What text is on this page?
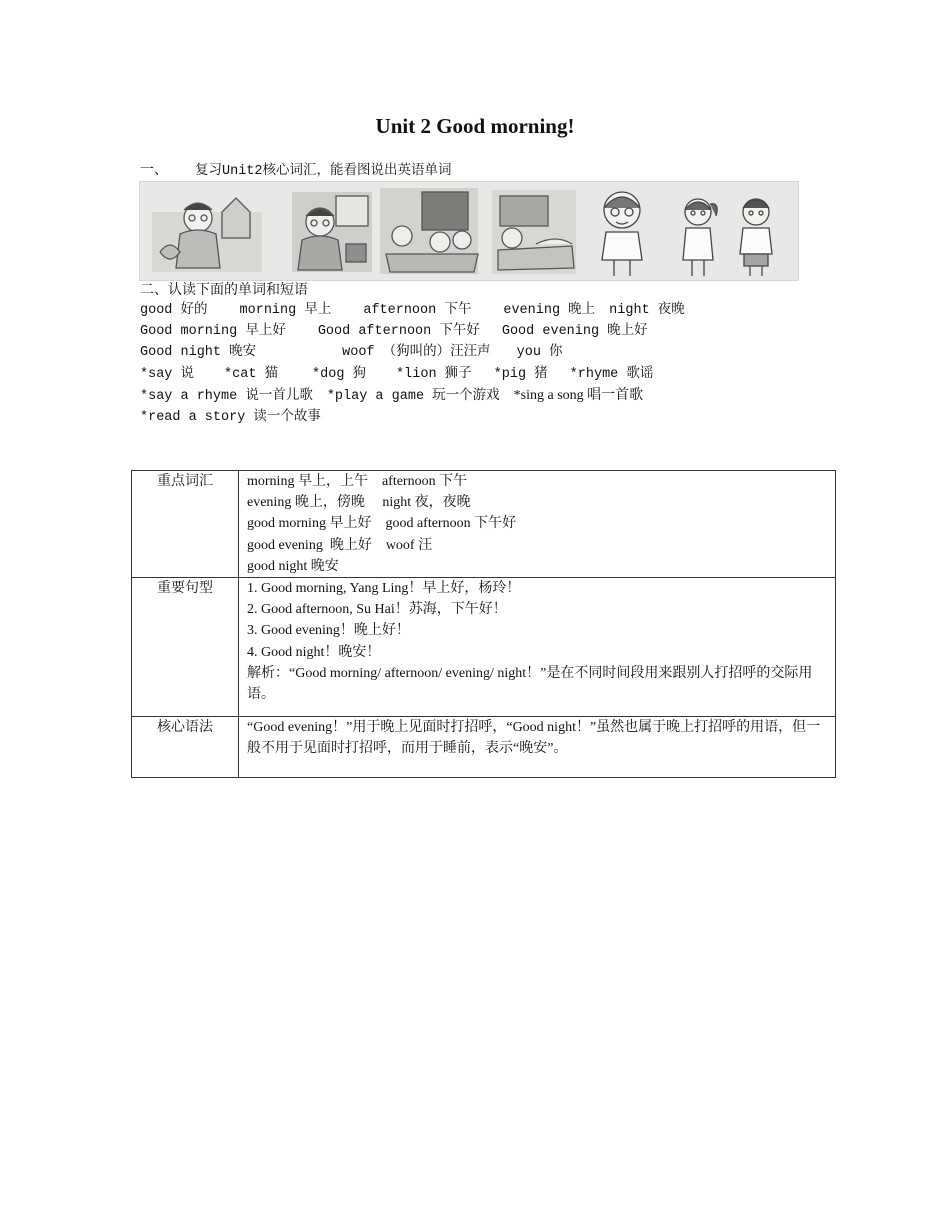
Unit 2 Good morning!
一、 复习Unit2核心词汇，能看图说出英语单词
二、认读下面的单词和短语
good 好的 morning 早上 afternoon 下午 evening 晚上 night 夜晚
Good morning 早上好 Good afternoon 下午好 Good evening 晚上好
Good night 晚安	woof （狗叫的）汪汪声 you 你
*say 说 *cat 猫	*dog 狗 *lion 狮子 *pig 猪 *rhyme 歌谣
*say a rhyme 说一首儿歌 *play a game 玩一个游戏 *sing a song 唱一首歌
*read a story 读一个故事
重点词汇	morning 早上，上午    afternoon 下午
evening 晚上，傍晚     night 夜，夜晚
good morning 早上好    good afternoon 下午好
good evening  晚上好    woof 汪
good night 晚安

重要句型	1. Good morning, Yang Ling！早上好，杨玲！
2. Good afternoon, Su Hai！苏海，下午好！
3. Good evening！晚上好！
4. Good night！晚安！
解析：“Good morning/ afternoon/ evening/ night！”是在不同时间段用来跟别人打招呼的交际用语。

核心语法	“Good evening！”用于晚上见面时打招呼，“Good night！”虽然也属于晚上打招呼的用语，但一般不用于见面时打招呼，而用于睡前，表示“晚安”。
